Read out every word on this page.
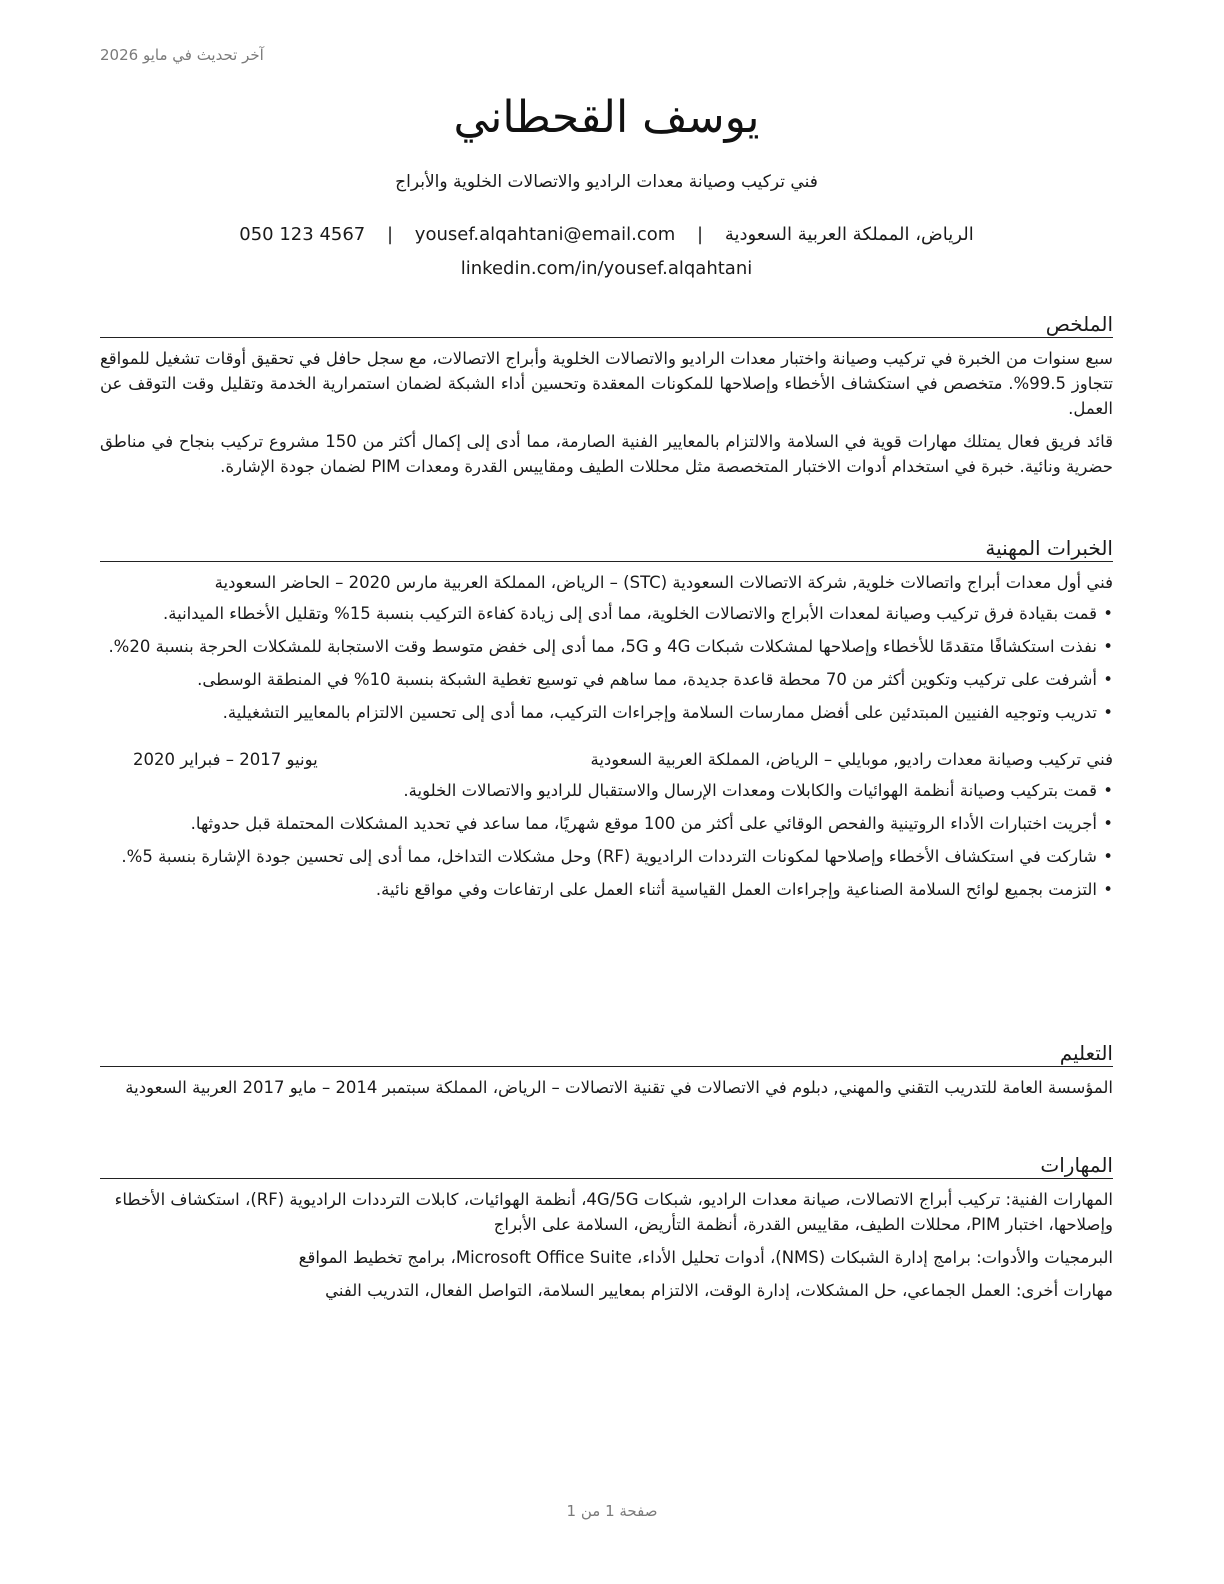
آخر تحديث في مايو 2026
يوسف القحطاني
فني تركيب وصيانة معدات الراديو والاتصالات الخلوية والأبراج
الرياض، المملكة العربية السعودية | yousef.alqahtani@email.com | 050 123 4567
linkedin.com/in/yousef.alqahtani
الملخص

سبع سنوات من الخبرة في تركيب وصيانة واختبار معدات الراديو والاتصالات الخلوية وأبراج الاتصالات، مع سجل حافل في تحقيق أوقات تشغيل للمواقع تتجاوز 99.5%. متخصص في استكشاف الأخطاء وإصلاحها للمكونات المعقدة وتحسين أداء الشبكة لضمان استمرارية الخدمة وتقليل وقت التوقف عن العمل.

قائد فريق فعال يمتلك مهارات قوية في السلامة والالتزام بالمعايير الفنية الصارمة، مما أدى إلى إكمال أكثر من 150 مشروع تركيب بنجاح في مناطق حضرية ونائية. خبرة في استخدام أدوات الاختبار المتخصصة مثل محللات الطيف ومقاييس القدرة ومعدات PIM لضمان جودة الإشارة.

الخبرات المهنية
فني أول معدات أبراج واتصالات خلوية, شركة الاتصالات السعودية (STC) – الرياض، المملكة العربية مارس 2020 – الحاضر السعودية
• قمت بقيادة فرق تركيب وصيانة لمعدات الأبراج والاتصالات الخلوية، مما أدى إلى زيادة كفاءة التركيب بنسبة 15% وتقليل الأخطاء الميدانية.
• نفذت استكشافًا متقدمًا للأخطاء وإصلاحها لمشكلات شبكات 4G و 5G، مما أدى إلى خفض متوسط وقت الاستجابة للمشكلات الحرجة بنسبة 20%.
• أشرفت على تركيب وتكوين أكثر من 70 محطة قاعدة جديدة، مما ساهم في توسيع تغطية الشبكة بنسبة 10% في المنطقة الوسطى.
• تدريب وتوجيه الفنيين المبتدئين على أفضل ممارسات السلامة وإجراءات التركيب، مما أدى إلى تحسين الالتزام بالمعايير التشغيلية.
فني تركيب وصيانة معدات راديو, موبايلي – الرياض، المملكة العربية السعودية
يونيو 2017 – فبراير 2020
• قمت بتركيب وصيانة أنظمة الهوائيات والكابلات ومعدات الإرسال والاستقبال للراديو والاتصالات الخلوية.
• أجريت اختبارات الأداء الروتينية والفحص الوقائي على أكثر من 100 موقع شهريًا، مما ساعد في تحديد المشكلات المحتملة قبل حدوثها.
• شاركت في استكشاف الأخطاء وإصلاحها لمكونات الترددات الراديوية (RF) وحل مشكلات التداخل، مما أدى إلى تحسين جودة الإشارة بنسبة 5%.
• التزمت بجميع لوائح السلامة الصناعية وإجراءات العمل القياسية أثناء العمل على ارتفاعات وفي مواقع نائية.
التعليم
المؤسسة العامة للتدريب التقني والمهني, دبلوم في الاتصالات في تقنية الاتصالات – الرياض، المملكة سبتمبر 2014 – مايو 2017 العربية السعودية
المهارات
المهارات الفنية: تركيب أبراج الاتصالات، صيانة معدات الراديو، شبكات 4G/5G، أنظمة الهوائيات، كابلات الترددات الراديوية (RF)، استكشاف الأخطاء وإصلاحها، اختبار PIM، محللات الطيف، مقاييس القدرة، أنظمة التأريض، السلامة على الأبراج
البرمجيات والأدوات: برامج إدارة الشبكات (NMS)، أدوات تحليل الأداء، Microsoft Office Suite، برامج تخطيط المواقع
مهارات أخرى: العمل الجماعي، حل المشكلات، إدارة الوقت، الالتزام بمعايير السلامة، التواصل الفعال، التدريب الفني
صفحة 1 من 1
